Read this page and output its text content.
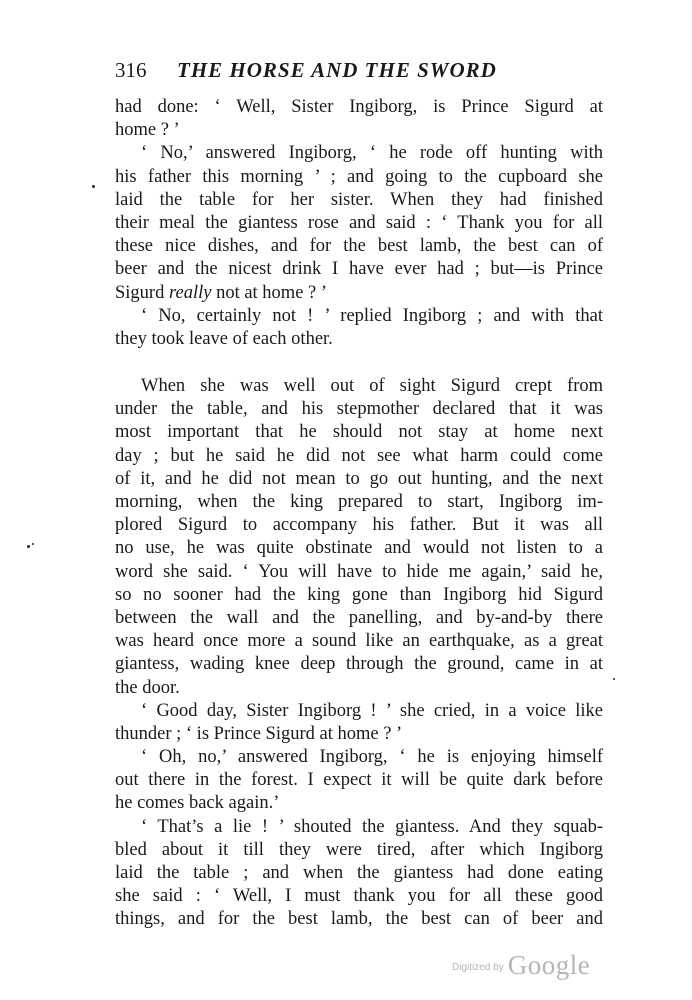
316 THE HORSE AND THE SWORD
had done: ‘ Well, Sister Ingiborg, is Prince Sigurd at
home ? ’
‘ No,’ answered Ingiborg, ‘ he rode off hunting with
his father this morning ’ ; and going to the cupboard she
laid the table for her sister. When they had finished
their meal the giantess rose and said : ‘ Thank you for all
these nice dishes, and for the best lamb, the best can of
beer and the nicest drink I have ever had ; but—is Prince
Sigurd really not at home ? ’
‘ No, certainly not ! ’ replied Ingiborg ; and with that
they took leave of each other.
When she was well out of sight Sigurd crept from
under the table, and his stepmother declared that it was
most important that he should not stay at home next
day ; but he said he did not see what harm could come
of it, and he did not mean to go out hunting, and the next
morning, when the king prepared to start, Ingiborg im-
plored Sigurd to accompany his father. But it was all
no use, he was quite obstinate and would not listen to a
word she said. ‘ You will have to hide me again,’ said he,
so no sooner had the king gone than Ingiborg hid Sigurd
between the wall and the panelling, and by-and-by there
was heard once more a sound like an earthquake, as a great
giantess, wading knee deep through the ground, came in at
the door.
‘ Good day, Sister Ingiborg ! ’ she cried, in a voice like
thunder ; ‘ is Prince Sigurd at home ? ’
‘ Oh, no,’ answered Ingiborg, ‘ he is enjoying himself
out there in the forest. I expect it will be quite dark before
he comes back again.’
‘ That’s a lie ! ’ shouted the giantess. And they squab-
bled about it till they were tired, after which Ingiborg
laid the table ; and when the giantess had done eating
she said : ‘ Well, I must thank you for all these good
things, and for the best lamb, the best can of beer and
$^{Digitized by}$ Google
